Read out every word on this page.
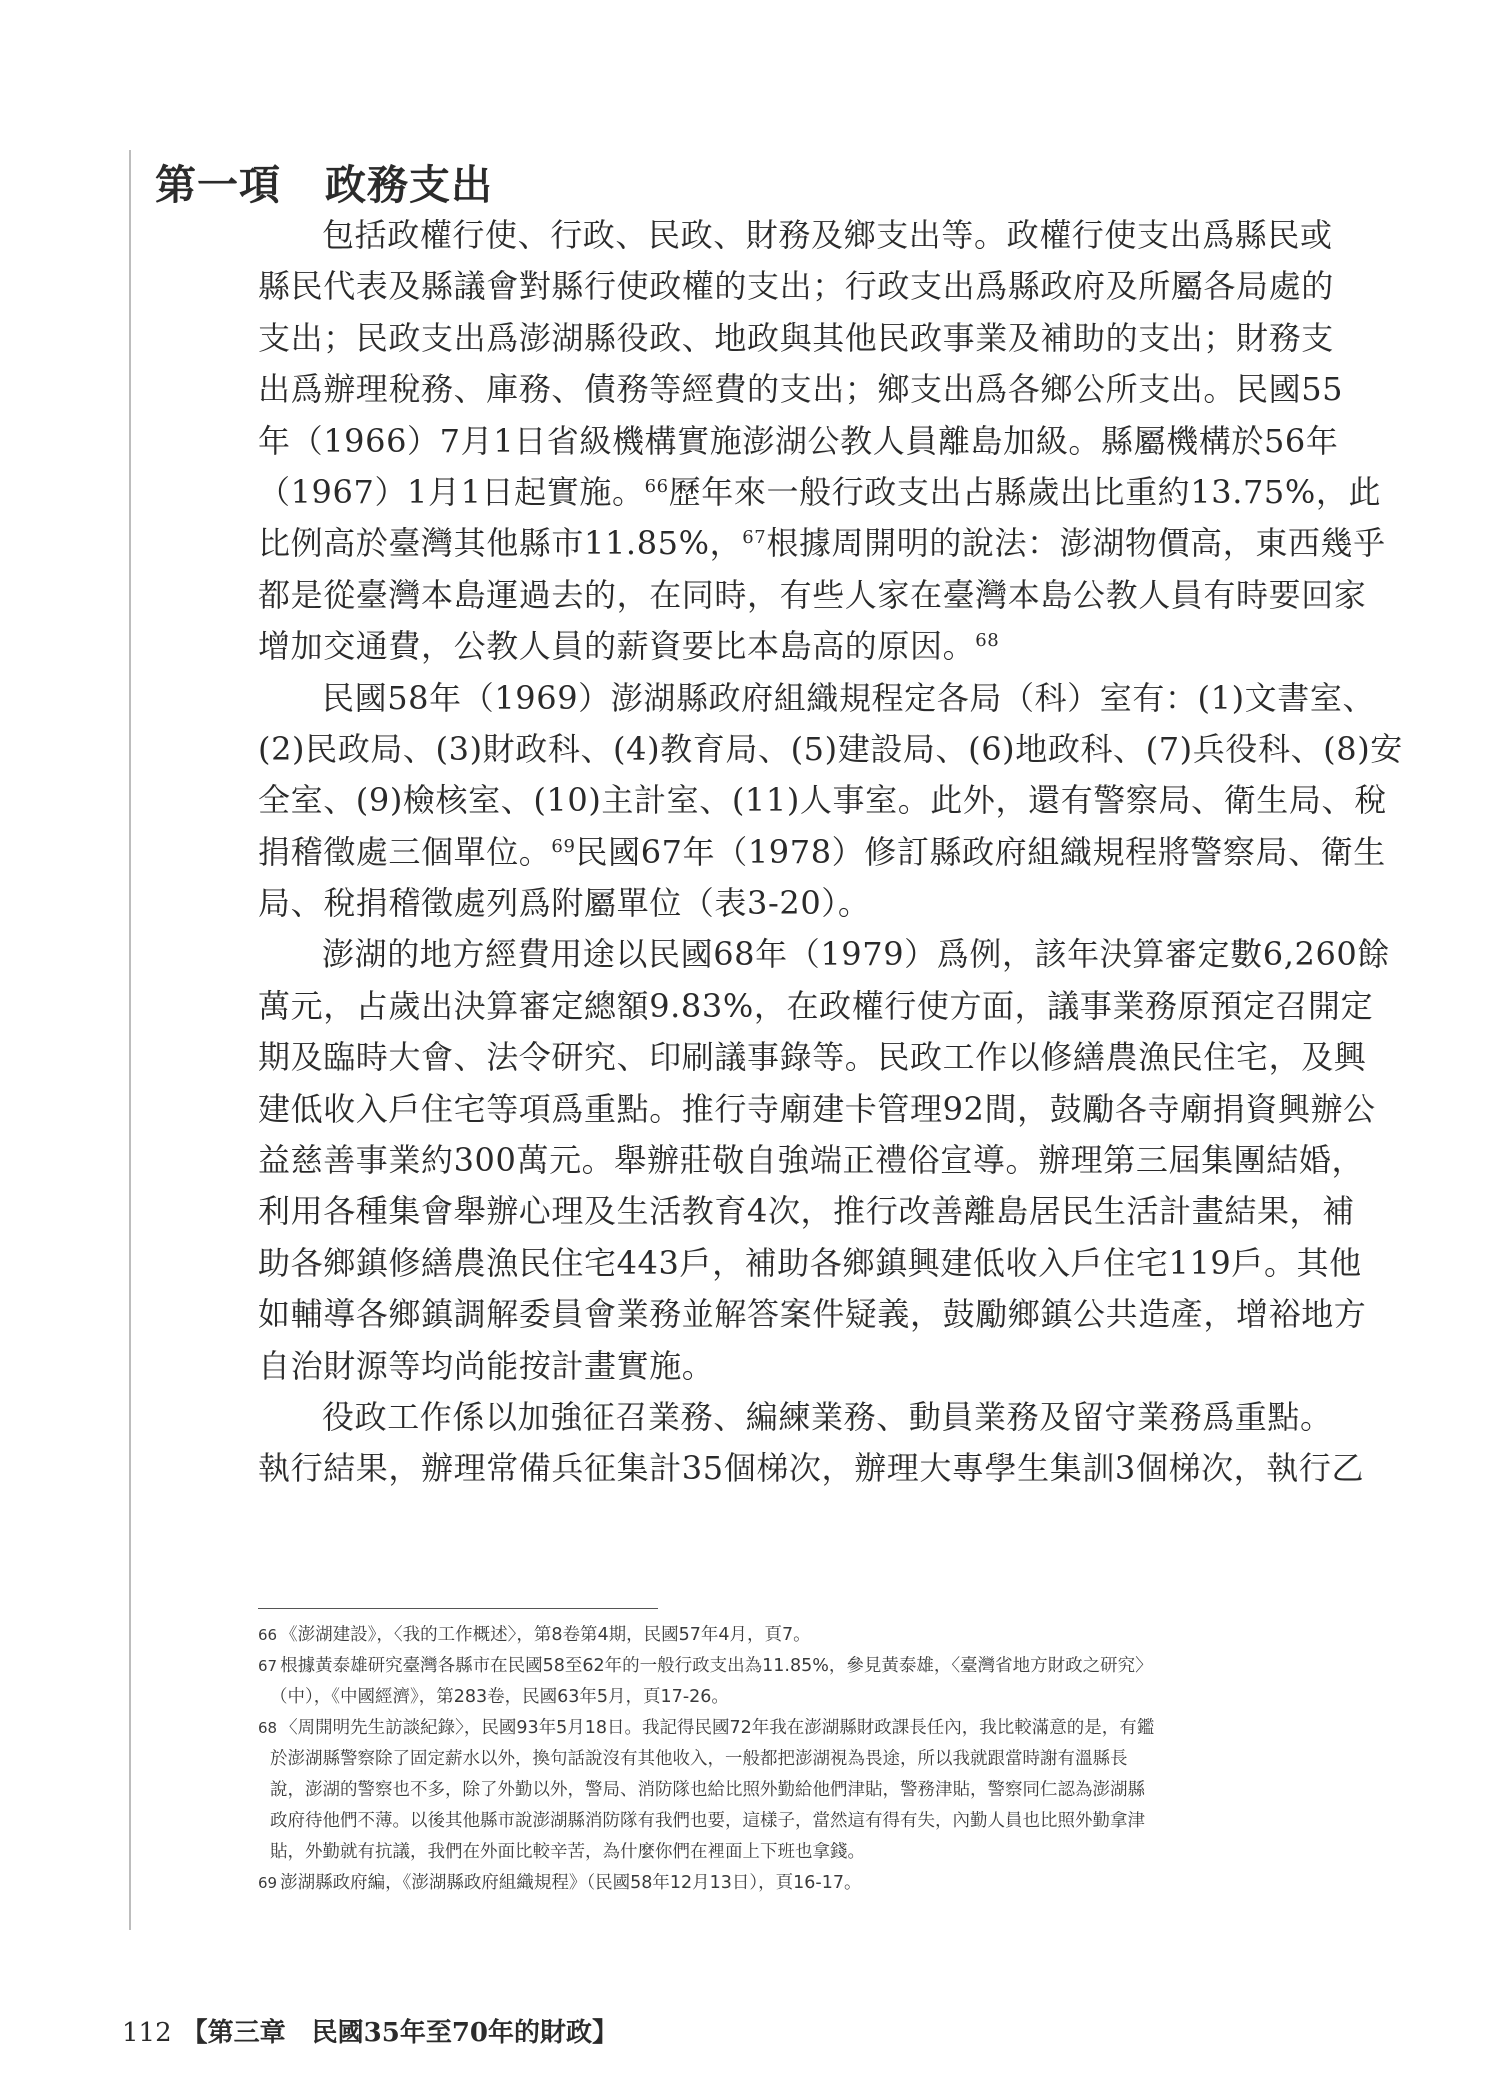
第一項 政務支出
包括政權行使、行政、民政、財務及鄉支出等。政權行使支出爲縣民或
縣民代表及縣議會對縣行使政權的支出；行政支出爲縣政府及所屬各局處的
支出；民政支出爲澎湖縣役政、地政與其他民政事業及補助的支出；財務支
出爲辦理稅務、庫務、債務等經費的支出；鄉支出爲各鄉公所支出。民國55
年（1966）7月1日省級機構實施澎湖公教人員離島加級。縣屬機構於56年
（1967）1月1日起實施。$^{66}$歷年來一般行政支出占縣歲出比重約13.75%，此
比例高於臺灣其他縣市11.85%，$^{67}$根據周開明的說法：澎湖物價高，東西幾乎
都是從臺灣本島運過去的，在同時，有些人家在臺灣本島公教人員有時要回家
增加交通費，公教人員的薪資要比本島高的原因。$^{68}$
民國58年（1969）澎湖縣政府組織規程定各局（科）室有：(1)文書室、
(2)民政局、(3)財政科、(4)教育局、(5)建設局、(6)地政科、(7)兵役科、(8)安
全室、(9)檢核室、(10)主計室、(11)人事室。此外，還有警察局、衛生局、稅
捐稽徵處三個單位。$^{69}$民國67年（1978）修訂縣政府組織規程將警察局、衛生
局、稅捐稽徵處列爲附屬單位（表3-20）。
澎湖的地方經費用途以民國68年（1979）爲例，該年決算審定數6,260餘
萬元，占歲出決算審定總額9.83%，在政權行使方面，議事業務原預定召開定
期及臨時大會、法令研究、印刷議事錄等。民政工作以修繕農漁民住宅，及興
建低收入戶住宅等項爲重點。推行寺廟建卡管理92間，鼓勵各寺廟捐資興辦公
益慈善事業約300萬元。舉辦莊敬自強端正禮俗宣導。辦理第三屆集團結婚，
利用各種集會舉辦心理及生活教育4次，推行改善離島居民生活計畫結果，補
助各鄉鎮修繕農漁民住宅443戶，補助各鄉鎮興建低收入戶住宅119戶。其他
如輔導各鄉鎮調解委員會業務並解答案件疑義，鼓勵鄉鎮公共造產，增裕地方
自治財源等均尚能按計畫實施。
役政工作係以加強征召業務、編練業務、動員業務及留守業務爲重點。
執行結果，辦理常備兵征集計35個梯次，辦理大專學生集訓3個梯次，執行乙
66 《澎湖建設》，〈我的工作概述〉，第8卷第4期，民國57年4月，頁7。
67 根據黃泰雄研究臺灣各縣市在民國58至62年的一般行政支出為11.85%，參見黃泰雄，〈臺灣省地方財政之研究〉
（中），《中國經濟》，第283卷，民國63年5月，頁17-26。
68 〈周開明先生訪談紀錄〉，民國93年5月18日。我記得民國72年我在澎湖縣財政課長任內，我比較滿意的是，有鑑
於澎湖縣警察除了固定薪水以外，換句話說沒有其他收入，一般都把澎湖視為畏途，所以我就跟當時謝有溫縣長
說，澎湖的警察也不多，除了外勤以外，警局、消防隊也給比照外勤給他們津貼，警務津貼，警察同仁認為澎湖縣
政府待他們不薄。以後其他縣市說澎湖縣消防隊有我們也要，這樣子，當然這有得有失，內勤人員也比照外勤拿津
貼，外勤就有抗議，我們在外面比較辛苦，為什麼你們在裡面上下班也拿錢。
69 澎湖縣政府編，《澎湖縣政府組織規程》（民國58年12月13日），頁16-17。
112 【第三章　民國35年至70年的財政】
